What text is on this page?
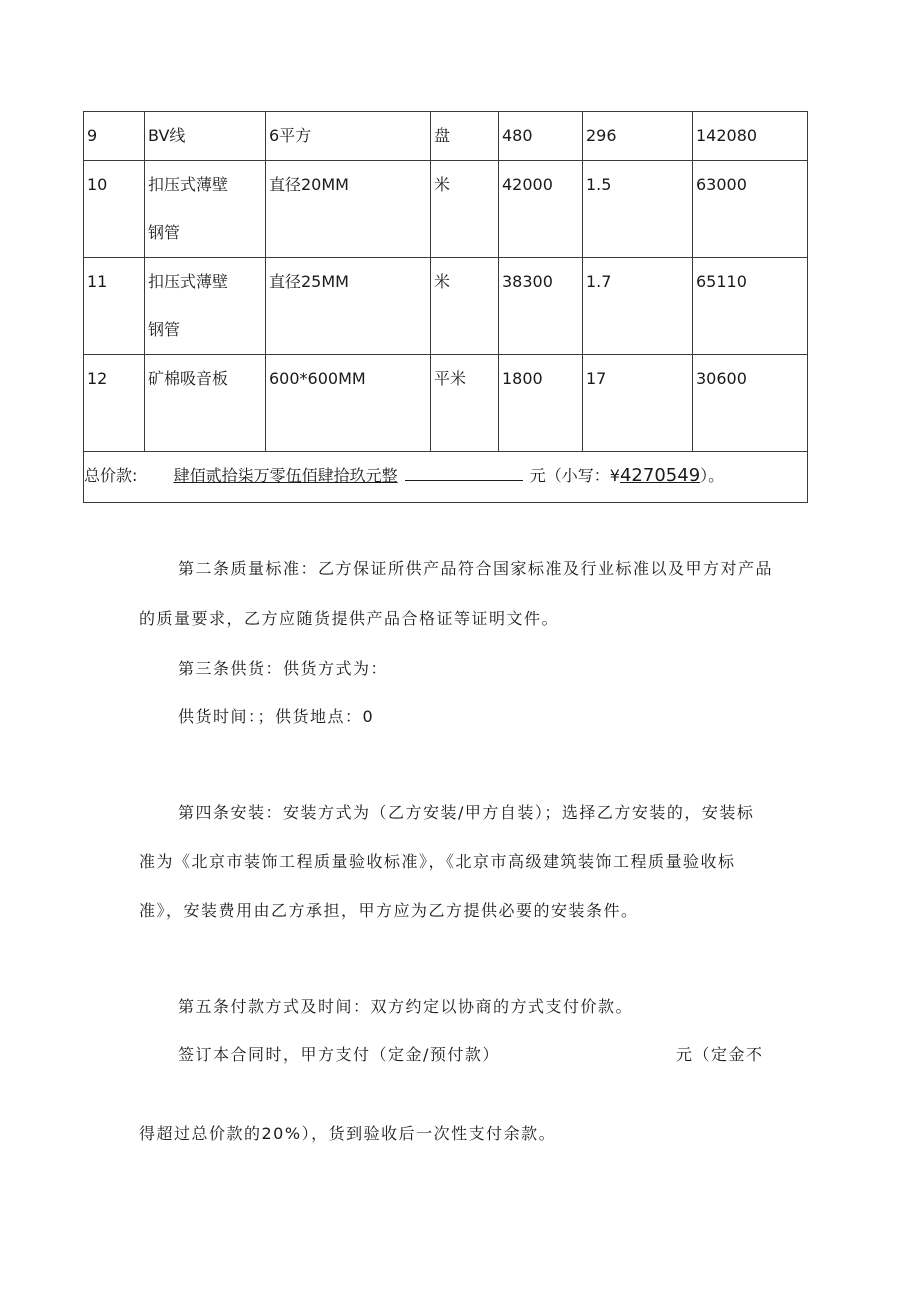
9	BV线	6平方	盘	480	296	142080

10	扣压式薄壁钢管	直径20MM	米	42000	1.5	63000

11	扣压式薄壁钢管	直径25MM	米	38300	1.7	65110

12	矿棉吸音板	600*600MM	平米	1800	17	30600

总价款: 肆佰贰拾柒万零伍佰肆拾玖元整 元（小写：¥4270549）。						
第二条质量标准：乙方保证所供产品符合国家标准及行业标准以及甲方对产品
的质量要求，乙方应随货提供产品合格证等证明文件。
第三条供货：供货方式为：
供货时间：；供货地点：0
第四条安装：安装方式为（乙方安装/甲方自装）；选择乙方安装的，安装标
准为《北京市装饰工程质量验收标准》，《北京市高级建筑装饰工程质量验收标
准》，安装费用由乙方承担，甲方应为乙方提供必要的安装条件。
第五条付款方式及时间：双方约定以协商的方式支付价款。
签订本合同时，甲方支付（定金/预付款）	元（定金不
得超过总价款的20%），货到验收后一次性支付余款。
